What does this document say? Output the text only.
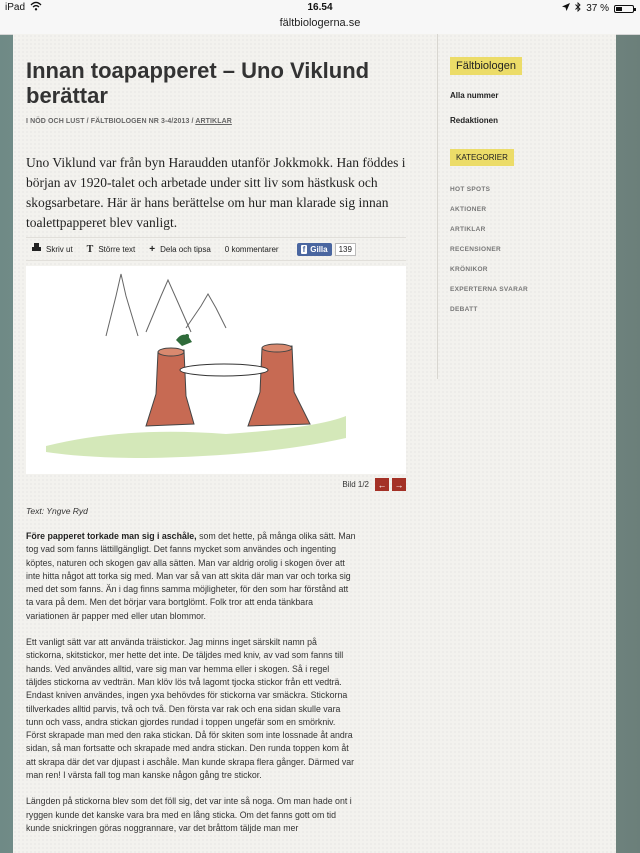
iPad	16.54	37 %
fältbiologerna.se
Innan toapapperet – Uno Viklund berättar
I NÖD OCH LUST / FÄLTBIOLOGEN NR 3-4/2013 / ARTIKLAR
Uno Viklund var från byn Haraudden utanför Jokkmokk. Han föddes i början av 1920-talet och arbetade under sitt liv som hästkusk och skogsarbetare. Här är hans berättelse om hur man klarade sig innan toalettpapperet blev vanligt.
Skriv ut T Större text + Dela och tipsa 0 kommentarer	f Gilla	139
Bild 1/2 ← →
Text: Yngve Ryd

Före papperet torkade man sig i aschåle, som det hette, på många olika sätt. Man tog vad som fanns lättillgängligt. Det fanns mycket som användes och ingenting köptes, naturen och skogen gav alla sätten. Man var aldrig orolig i skogen över att inte hitta något att torka sig med. Man var så van att skita där man var och torka sig med det som fanns. Än i dag finns samma möjligheter, för den som har förstånd att ta vara på dem. Men det börjar vara bortglömt. Folk tror att enda tänkbara variationen är papper med eller utan blommor.

Ett vanligt sätt var att använda träistickor. Jag minns inget särskilt namn på stickorna, skitstickor, mer hette det inte. De täljdes med kniv, av vad som fanns till hands. Ved användes alltid, vare sig man var hemma eller i skogen. Så i regel täljdes stickorna av vedträn. Man klöv lös två lagomt tjocka stickor från ett vedträ. Endast kniven användes, ingen yxa behövdes för stickorna var smäckra. Stickorna tillverkades alltid parvis, två och två. Den första var rak och ena sidan skulle vara tunn och vass, andra stickan gjordes rundad i toppen ungefär som en smörkniv. Först skrapade man med den raka stickan. Då för skiten som inte lossnade åt andra sidan, så man fortsatte och skrapade med andra stickan. Den runda toppen kom åt att skrapa där det var djupast i aschåle. Man kunde skrapa flera gånger. Därmed var man ren! I värsta fall tog man kanske någon gång tre stickor.

Längden på stickorna blev som det föll sig, det var inte så noga. Om man hade ont i ryggen kunde det kanske vara bra med en lång sticka. Om det fanns gott om tid kunde snickringen göras noggrannare, var det bråttom täljde man mer

Fältbiologen
Alla nummer
Redaktionen
KATEGORIER
HOT SPOTS
AKTIONER
ARTIKLAR
RECENSIONER
KRÖNIKOR
EXPERTERNA SVARAR
DEBATT
